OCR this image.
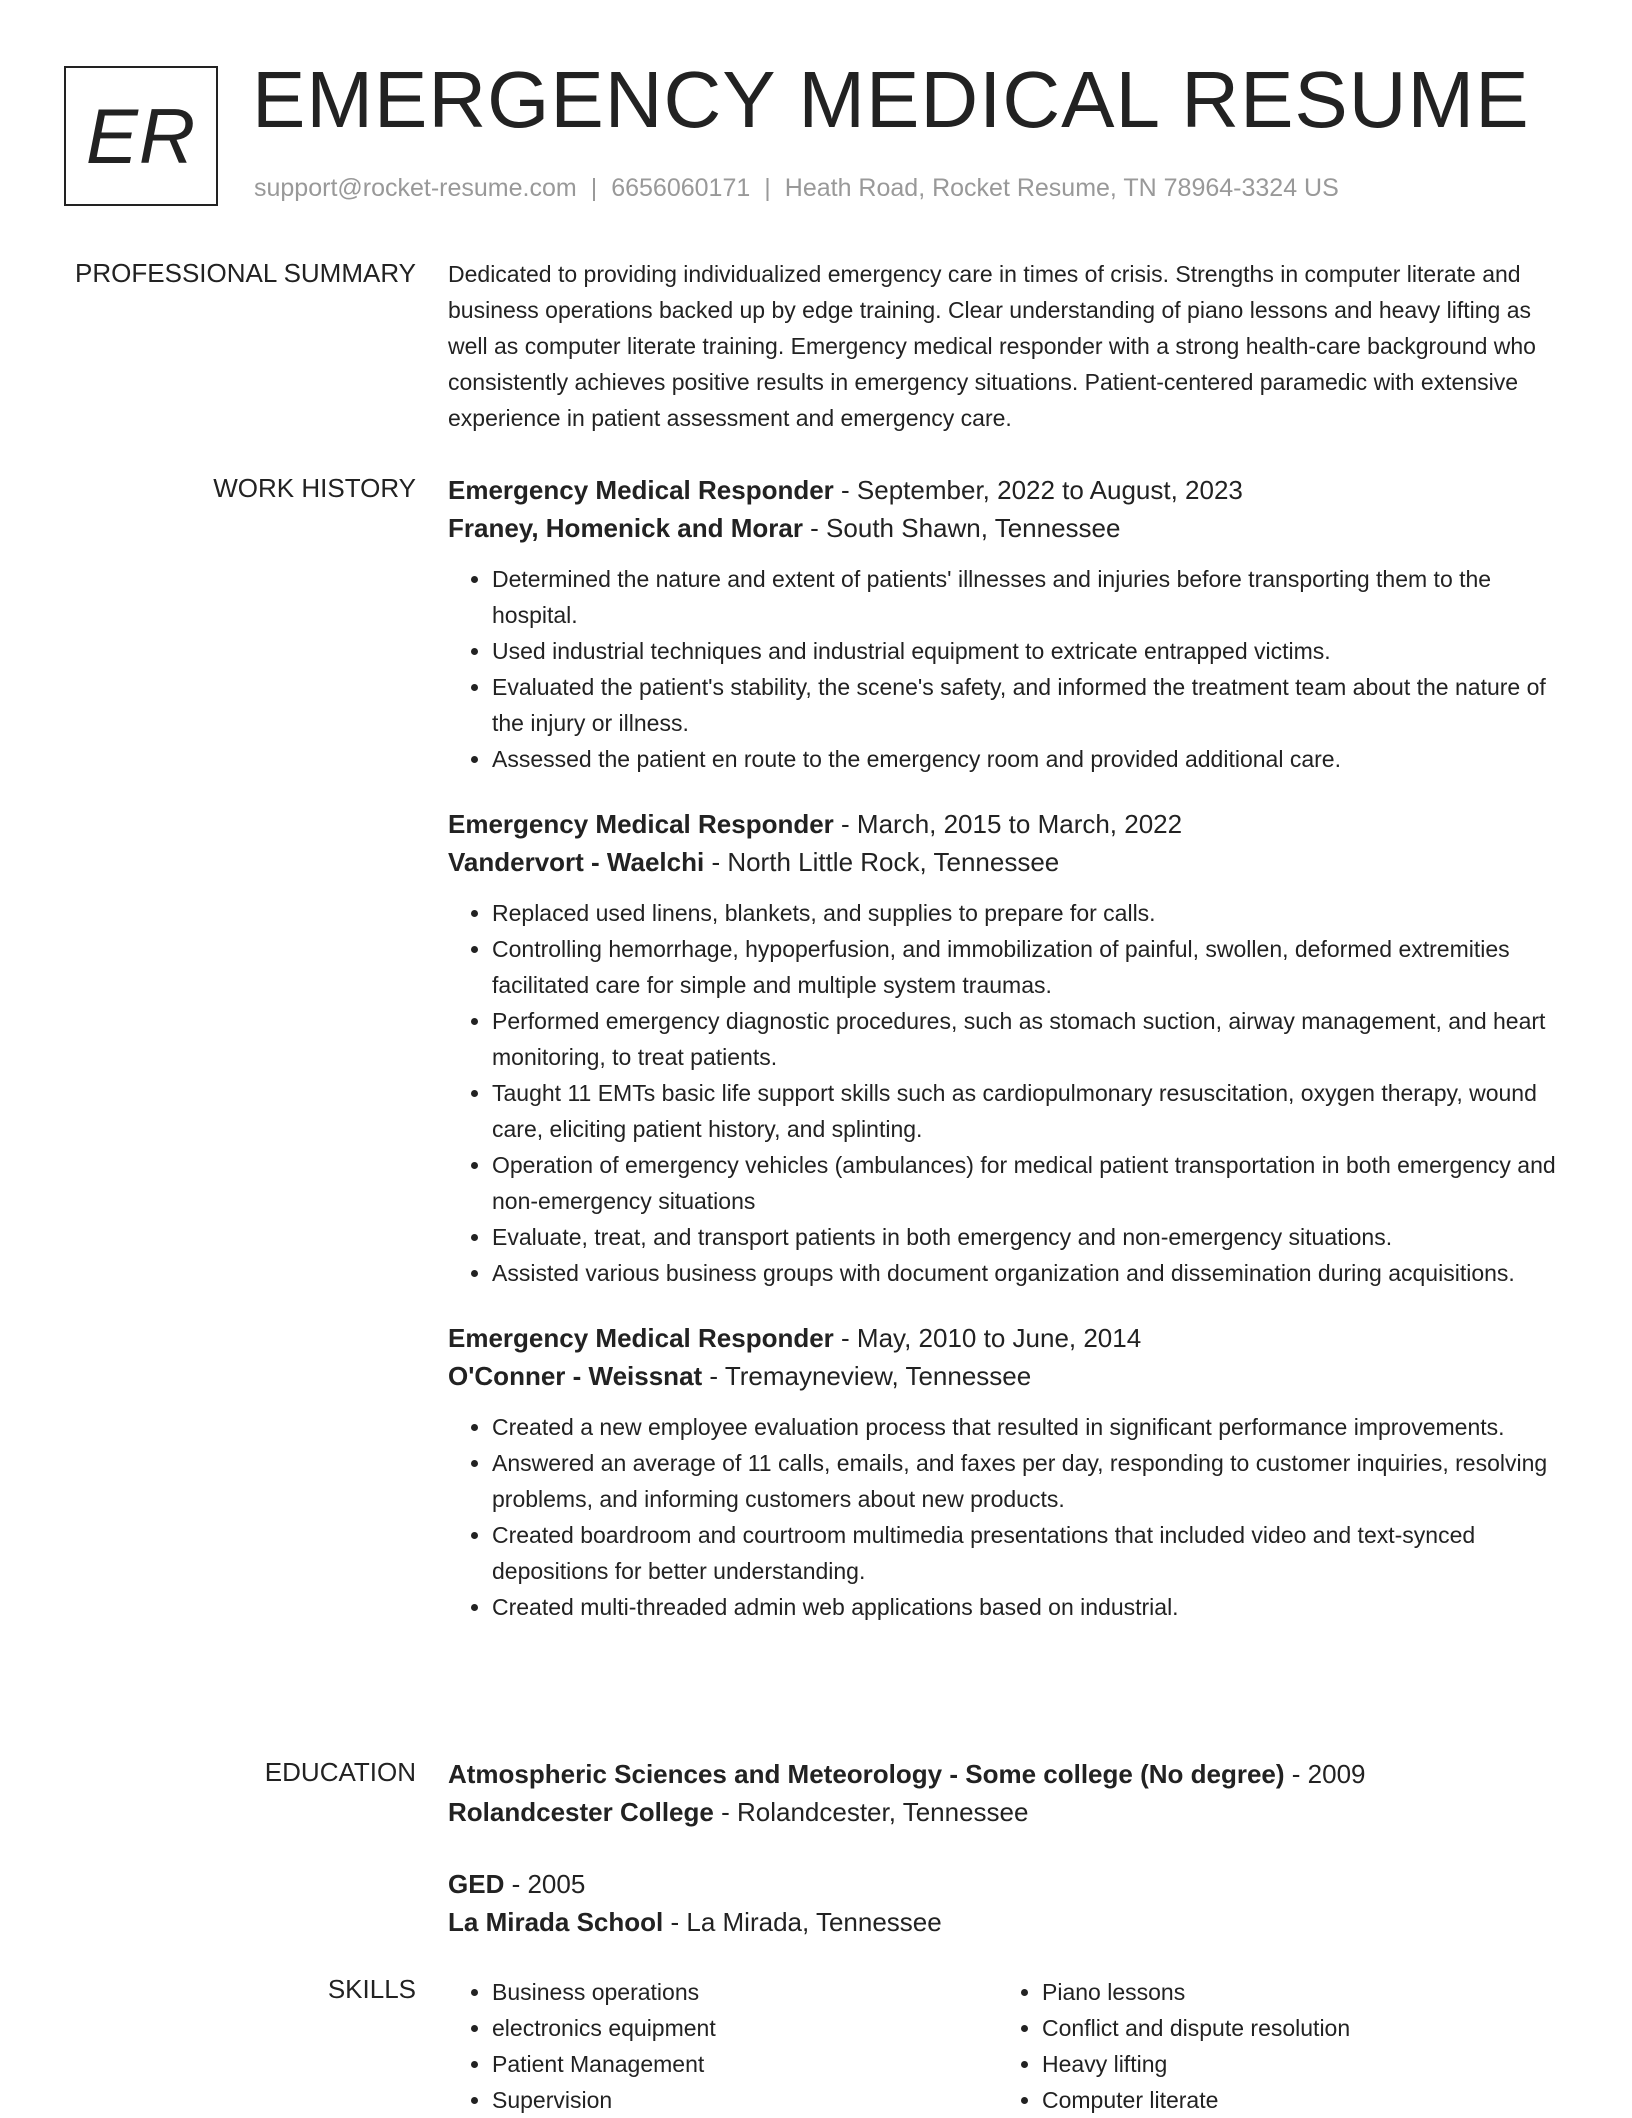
ER EMERGENCY MEDICAL RESUME
support@rocket-resume.com | 6656060171 | Heath Road, Rocket Resume, TN 78964-3324 US
PROFESSIONAL SUMMARY Dedicated to providing individualized emergency care in times of crisis. Strengths in computer literate and business operations backed up by edge training. Clear understanding of piano lessons and heavy lifting as well as computer literate training. Emergency medical responder with a strong health-care background who consistently achieves positive results in emergency situations. Patient-centered paramedic with extensive experience in patient assessment and emergency care.

WORK HISTORY Emergency Medical Responder - September, 2022 to August, 2023
Franey, Homenick and Morar - South Shawn, Tennessee
• Determined the nature and extent of patients' illnesses and injuries before transporting them to the hospital.
• Used industrial techniques and industrial equipment to extricate entrapped victims.
• Evaluated the patient's stability, the scene's safety, and informed the treatment team about the nature of the injury or illness.
• Assessed the patient en route to the emergency room and provided additional care.
Emergency Medical Responder - March, 2015 to March, 2022
Vandervort - Waelchi - North Little Rock, Tennessee
• Replaced used linens, blankets, and supplies to prepare for calls.
• Controlling hemorrhage, hypoperfusion, and immobilization of painful, swollen, deformed extremities facilitated care for simple and multiple system traumas.
• Performed emergency diagnostic procedures, such as stomach suction, airway management, and heart monitoring, to treat patients.
• Taught 11 EMTs basic life support skills such as cardiopulmonary resuscitation, oxygen therapy, wound care, eliciting patient history, and splinting.
• Operation of emergency vehicles (ambulances) for medical patient transportation in both emergency and non-emergency situations
• Evaluate, treat, and transport patients in both emergency and non-emergency situations.
• Assisted various business groups with document organization and dissemination during acquisitions.
Emergency Medical Responder - May, 2010 to June, 2014
O'Conner - Weissnat - Tremayneview, Tennessee
• Created a new employee evaluation process that resulted in significant performance improvements.
• Answered an average of 11 calls, emails, and faxes per day, responding to customer inquiries, resolving problems, and informing customers about new products.
• Created boardroom and courtroom multimedia presentations that included video and text-synced depositions for better understanding.
• Created multi-threaded admin web applications based on industrial.
EDUCATION Atmospheric Sciences and Meteorology - Some college (No degree) - 2009
Rolandcester College - Rolandcester, Tennessee
GED - 2005
La Mirada School - La Mirada, Tennessee
SKILLS
•	Business operations
• electronics equipment
• Patient Management
• Supervision
• Piano lessons
• Conflict and dispute resolution
• Heavy lifting
• Computer literate
